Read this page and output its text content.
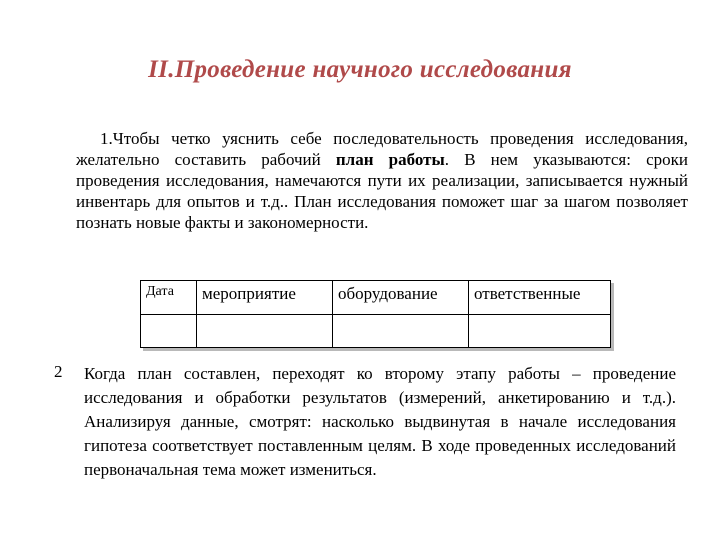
II.Проведение научного исследования
1.Чтобы четко уяснить себе последовательность проведения исследования, желательно составить рабочий план работы. В нем указываются: сроки проведения исследования, намечаются пути их реализации, записывается нужный инвентарь для опытов и т.д.. План исследования поможет шаг за шагом позволяет познать новые факты и закономерности.
Дата	мероприятие	оборудование	ответственные

2 Когда план составлен, переходят ко второму этапу работы – проведение исследования и обработки результатов (измерений, анкетированию и т.д.). Анализируя данные, смотрят: насколько выдвинутая в начале исследования гипотеза соответствует поставленным целям. В ходе проведенных исследований первоначальная тема может измениться.
